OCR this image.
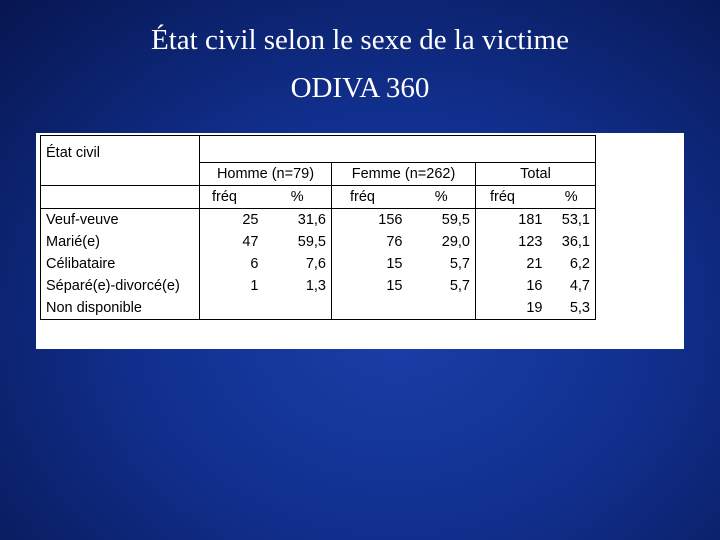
État civil selon le sexe de la victime
ODIVA 360
État civil						
	Homme (n=79)		Femme (n=262)		Total	
	fréq	%	fréq	%	fréq	%
Veuf-veuve	25	31,6	156	59,5	181	53,1
Marié(e)	47	59,5	76	29,0	123	36,1
Célibataire	6	7,6	15	5,7	21	6,2
Séparé(e)-divorcé(e)	1	1,3	15	5,7	16	4,7
Non disponible					19	5,3
